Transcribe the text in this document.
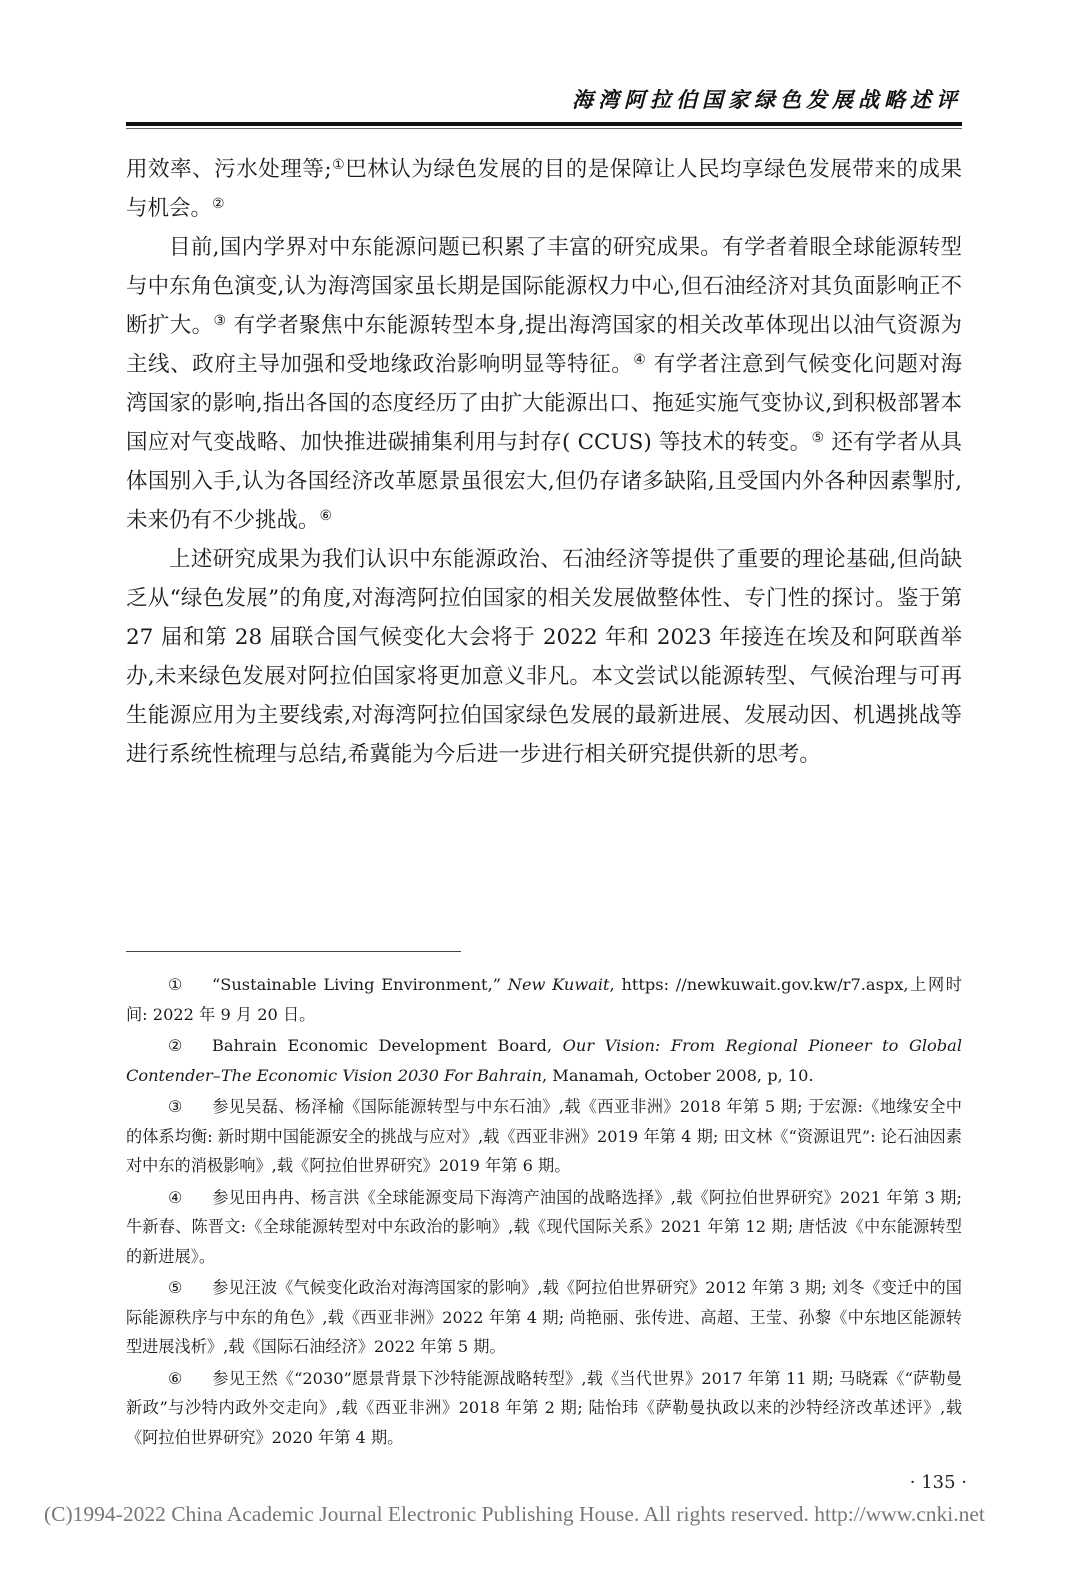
海湾阿拉伯国家绿色发展战略述评

用效率、污水处理等;①巴林认为绿色发展的目的是保障让人民均享绿色发展带来的成果与机会。②

目前,国内学界对中东能源问题已积累了丰富的研究成果。有学者着眼全球能源转型与中东角色演变,认为海湾国家虽长期是国际能源权力中心,但石油经济对其负面影响正不断扩大。③ 有学者聚焦中东能源转型本身,提出海湾国家的相关改革体现出以油气资源为主线、政府主导加强和受地缘政治影响明显等特征。④ 有学者注意到气候变化问题对海湾国家的影响,指出各国的态度经历了由扩大能源出口、拖延实施气变协议,到积极部署本国应对气变战略、加快推进碳捕集利用与封存( CCUS) 等技术的转变。⑤ 还有学者从具体国别入手,认为各国经济改革愿景虽很宏大,但仍存诸多缺陷,且受国内外各种因素掣肘,未来仍有不少挑战。⑥

上述研究成果为我们认识中东能源政治、石油经济等提供了重要的理论基础,但尚缺乏从“绿色发展”的角度,对海湾阿拉伯国家的相关发展做整体性、专门性的探讨。鉴于第 27 届和第 28 届联合国气候变化大会将于 2022 年和 2023 年接连在埃及和阿联酋举办,未来绿色发展对阿拉伯国家将更加意义非凡。本文尝试以能源转型、气候治理与可再生能源应用为主要线索,对海湾阿拉伯国家绿色发展的最新进展、发展动因、机遇挑战等进行系统性梳理与总结,希冀能为今后进一步进行相关研究提供新的思考。

① “Sustainable Living Environment,” New Kuwait, https: //newkuwait.gov.kw/r7.aspx,上网时间: 2022 年 9 月 20 日。

② Bahrain Economic Development Board, Our Vision: From Regional Pioneer to Global Contender–The Economic Vision 2030 For Bahrain, Manamah, October 2008, p, 10.

③ 参见吴磊、杨泽榆《国际能源转型与中东石油》,载《西亚非洲》2018 年第 5 期; 于宏源:《地缘安全中的体系均衡: 新时期中国能源安全的挑战与应对》,载《西亚非洲》2019 年第 4 期; 田文林《“资源诅咒”: 论石油因素对中东的消极影响》,载《阿拉伯世界研究》2019 年第 6 期。

④ 参见田冉冉、杨言洪《全球能源变局下海湾产油国的战略选择》,载《阿拉伯世界研究》2021 年第 3 期; 牛新春、陈晋文:《全球能源转型对中东政治的影响》,载《现代国际关系》2021 年第 12 期; 唐恬波《中东能源转型的新进展》。

⑤ 参见汪波《气候变化政治对海湾国家的影响》,载《阿拉伯世界研究》2012 年第 3 期; 刘冬《变迁中的国际能源秩序与中东的角色》,载《西亚非洲》2022 年第 4 期; 尚艳丽、张传进、高超、王莹、孙黎《中东地区能源转型进展浅析》,载《国际石油经济》2022 年第 5 期。

⑥ 参见王然《“2030”愿景背景下沙特能源战略转型》,载《当代世界》2017 年第 11 期; 马晓霖《“萨勒曼新政”与沙特内政外交走向》,载《西亚非洲》2018 年第 2 期; 陆怡玮《萨勒曼执政以来的沙特经济改革述评》,载《阿拉伯世界研究》2020 年第 4 期。

· 135 ·
(C)1994-2022 China Academic Journal Electronic Publishing House. All rights reserved. http://www.cnki.net
